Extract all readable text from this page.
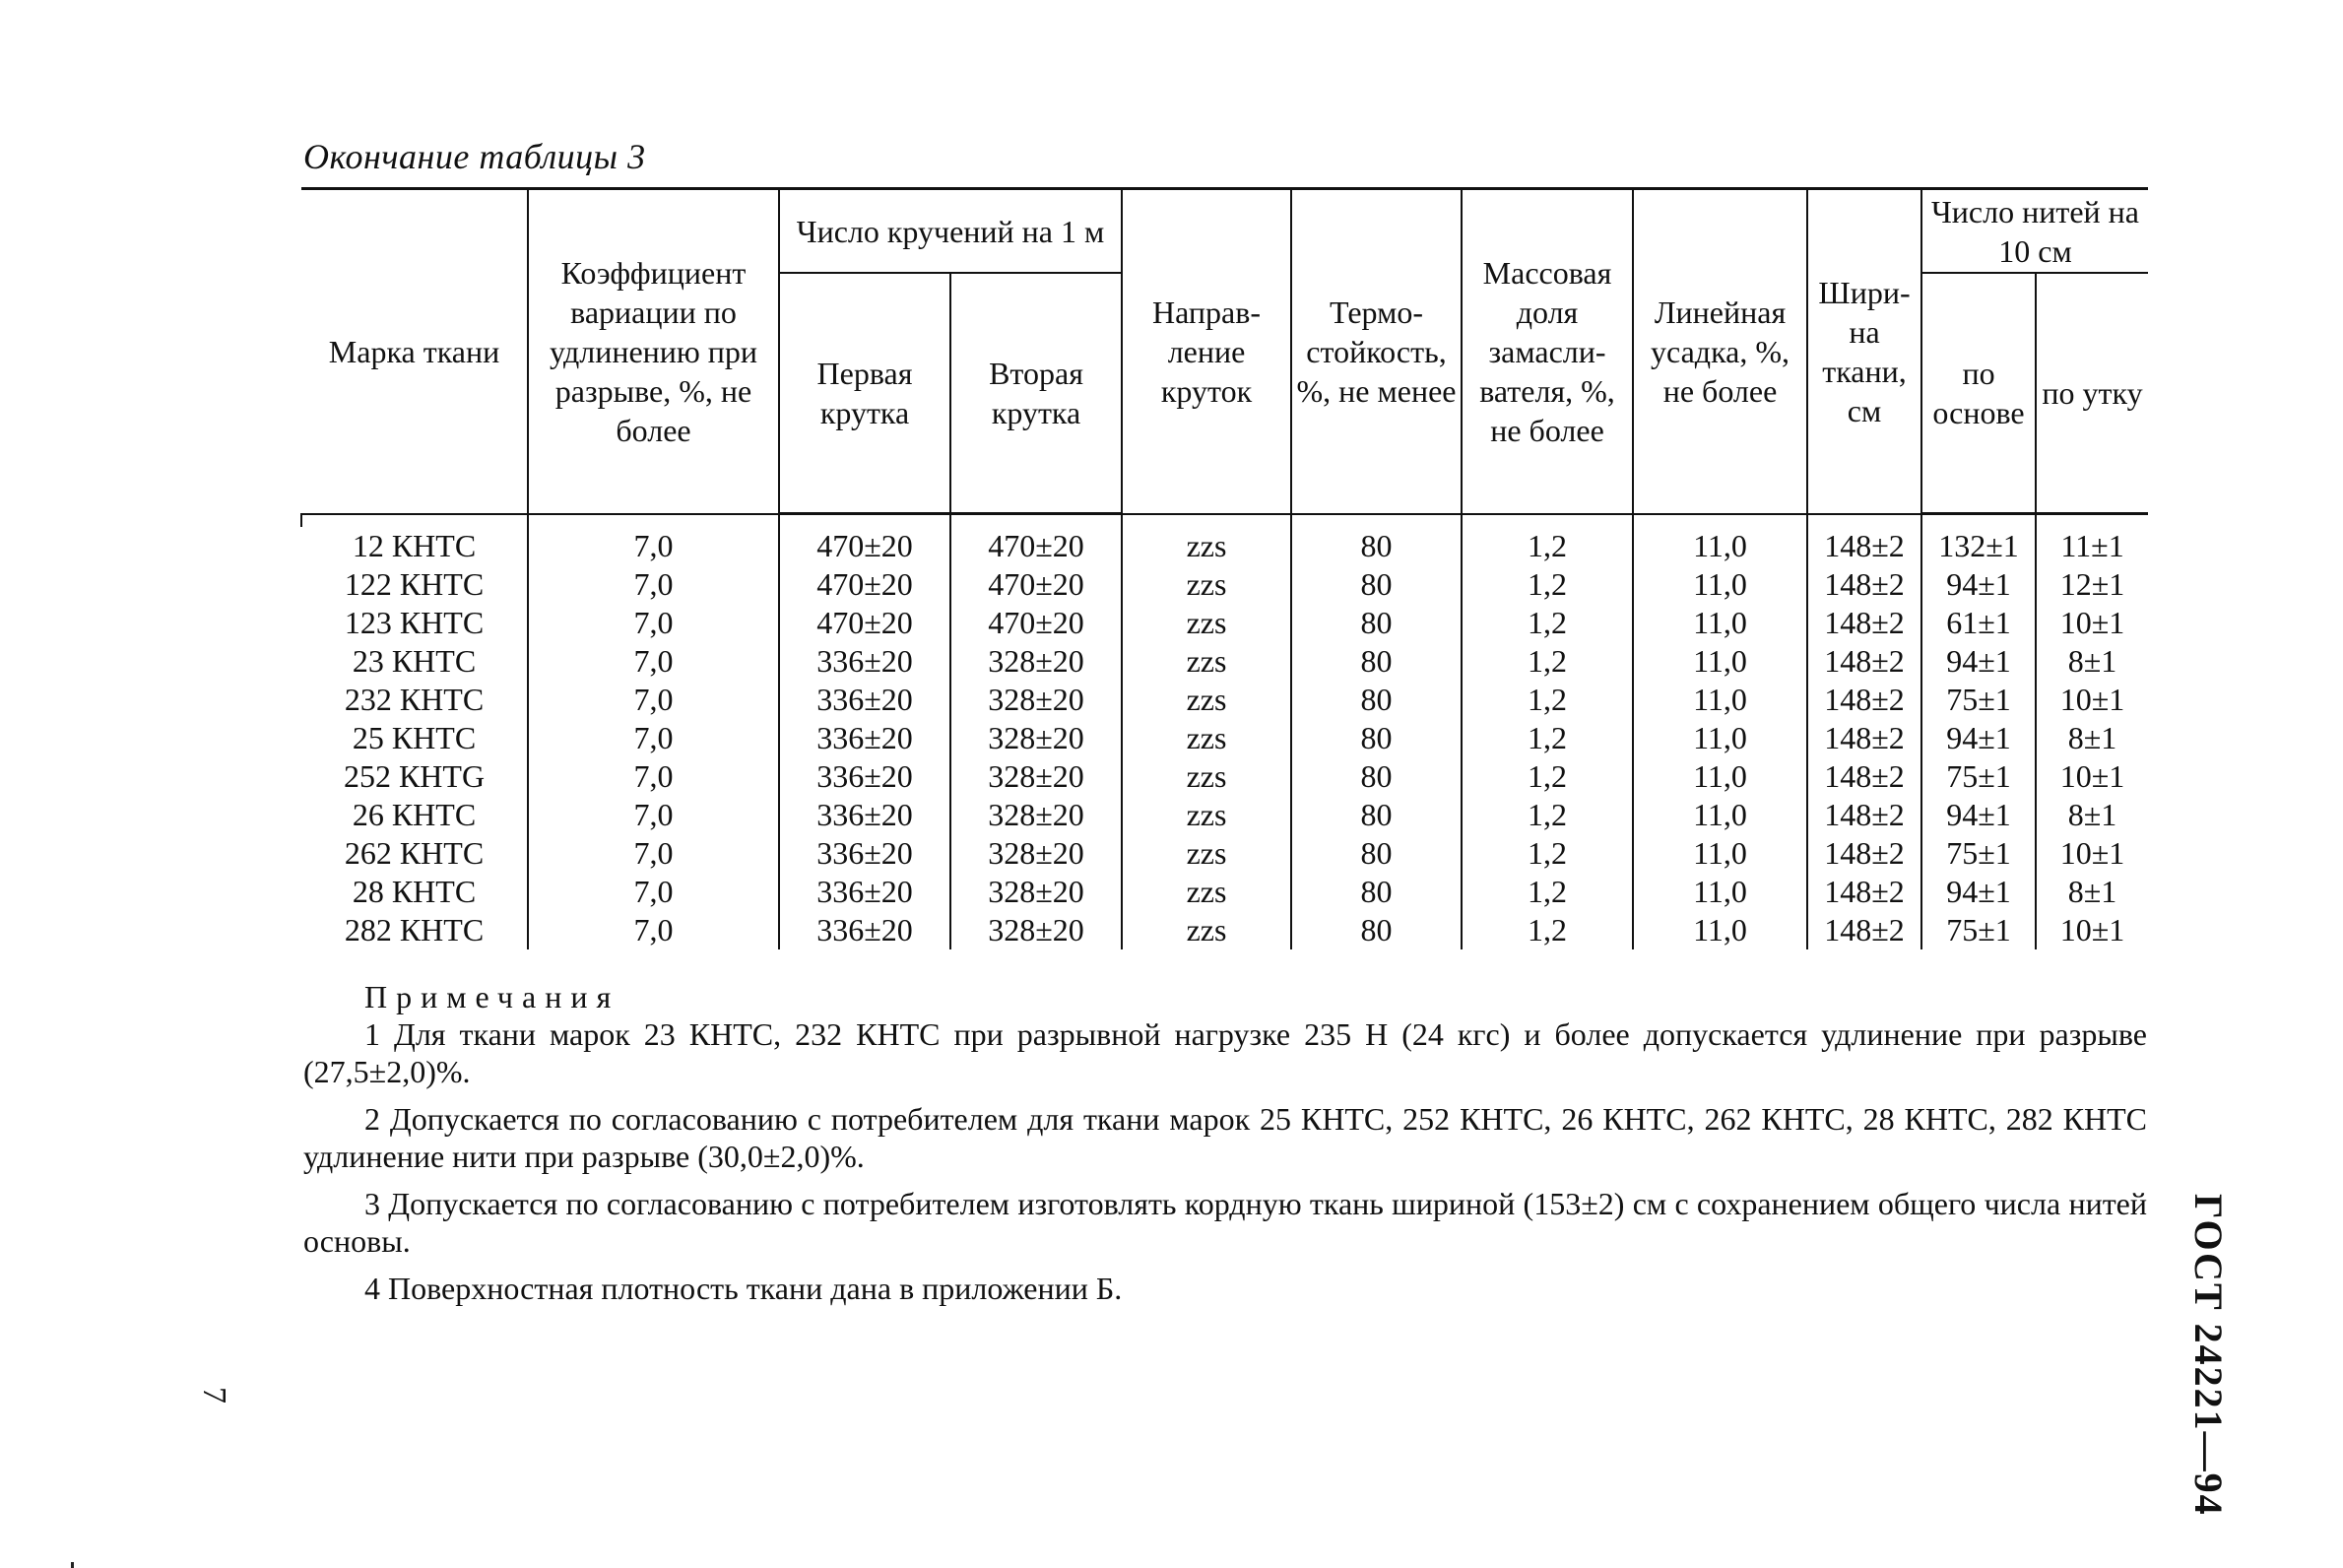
Окончание таблицы 3
Марка ткани	Коэффициент вариации по удлинению при разрыве, %, не более	Число кручений на 1 м		Направ- ление круток	Термо- стойкость, %, не менее	Массовая доля замасли- вателя, %, не более	Линейная усадка, %, не более	Шири- на ткани, см	Число нитей на 10 см	
		Первая крутка	Вторая крутка						по основе	по утку

12 КНТС	7,0	470±20	470±20	zzs	80	1,2	11,0	148±2	132±1	11±1
122 КНТС	7,0	470±20	470±20	zzs	80	1,2	11,0	148±2	94±1	12±1
123 КНТС	7,0	470±20	470±20	zzs	80	1,2	11,0	148±2	61±1	10±1
23 КНТС	7,0	336±20	328±20	zzs	80	1,2	11,0	148±2	94±1	8±1
232 КНТС	7,0	336±20	328±20	zzs	80	1,2	11,0	148±2	75±1	10±1
25 КНТС	7,0	336±20	328±20	zzs	80	1,2	11,0	148±2	94±1	8±1
252 КНТG	7,0	336±20	328±20	zzs	80	1,2	11,0	148±2	75±1	10±1
26 КНТС	7,0	336±20	328±20	zzs	80	1,2	11,0	148±2	94±1	8±1
262 КНТС	7,0	336±20	328±20	zzs	80	1,2	11,0	148±2	75±1	10±1
28 КНТС	7,0	336±20	328±20	zzs	80	1,2	11,0	148±2	94±1	8±1
282 КНТС	7,0	336±20	328±20	zzs	80	1,2	11,0	148±2	75±1	10±1
Примечания

1 Для ткани марок 23 КНТС, 232 КНТС при разрывной нагрузке 235 Н (24 кгс) и более допускается удлинение при разрыве (27,5±2,0)%.

2 Допускается по согласованию с потребителем для ткани марок 25 КНТС, 252 КНТС, 26 КНТС, 262 КНТС, 28 КНТС, 282 КНТС удлинение нити при разрыве (30,0±2,0)%.

3 Допускается по согласованию с потребителем изготовлять кордную ткань шириной (153±2) см с сохранением общего числа нитей основы.

4 Поверхностная плотность ткани дана в приложении Б.	ГОСТ 24221—94
7
